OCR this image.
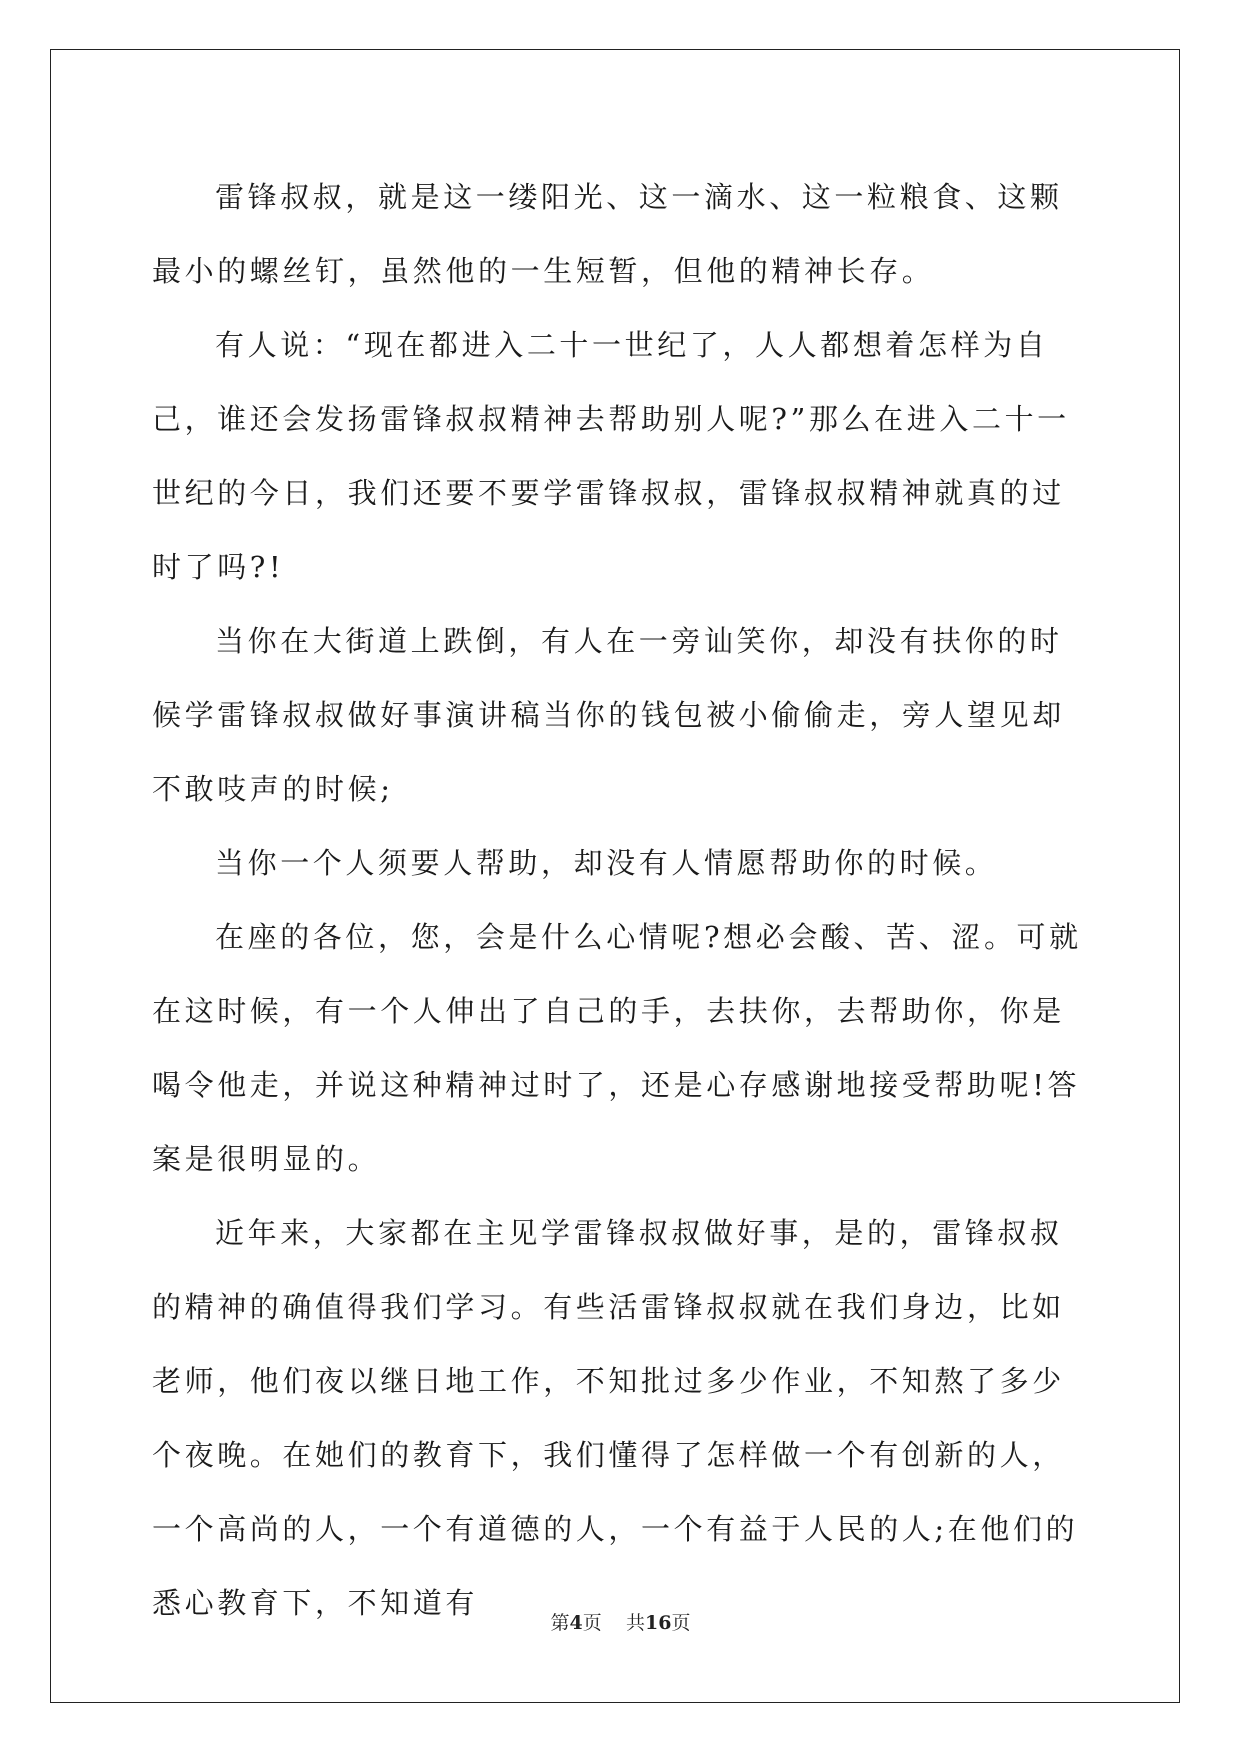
雷锋叔叔，就是这一缕阳光、这一滴水、这一粒粮食、这颗最小的螺丝钉，虽然他的一生短暂，但他的精神长存。

有人说：“现在都进入二十一世纪了，人人都想着怎样为自己，谁还会发扬雷锋叔叔精神去帮助别人呢?”那么在进入二十一世纪的今日，我们还要不要学雷锋叔叔，雷锋叔叔精神就真的过时了吗?!

当你在大街道上跌倒，有人在一旁讪笑你，却没有扶你的时候学雷锋叔叔做好事演讲稿当你的钱包被小偷偷走，旁人望见却不敢吱声的时候;

当你一个人须要人帮助，却没有人情愿帮助你的时候。

在座的各位，您，会是什么心情呢?想必会酸、苦、涩。可就在这时候，有一个人伸出了自己的手，去扶你，去帮助你，你是喝令他走，并说这种精神过时了，还是心存感谢地接受帮助呢!答案是很明显的。

近年来，大家都在主见学雷锋叔叔做好事，是的，雷锋叔叔的精神的确值得我们学习。有些活雷锋叔叔就在我们身边，比如老师，他们夜以继日地工作，不知批过多少作业，不知熬了多少个夜晚。在她们的教育下，我们懂得了怎样做一个有创新的人，一个高尚的人，一个有道德的人，一个有益于人民的人;在他们的悉心教育下，不知道有

第4页 共16页
